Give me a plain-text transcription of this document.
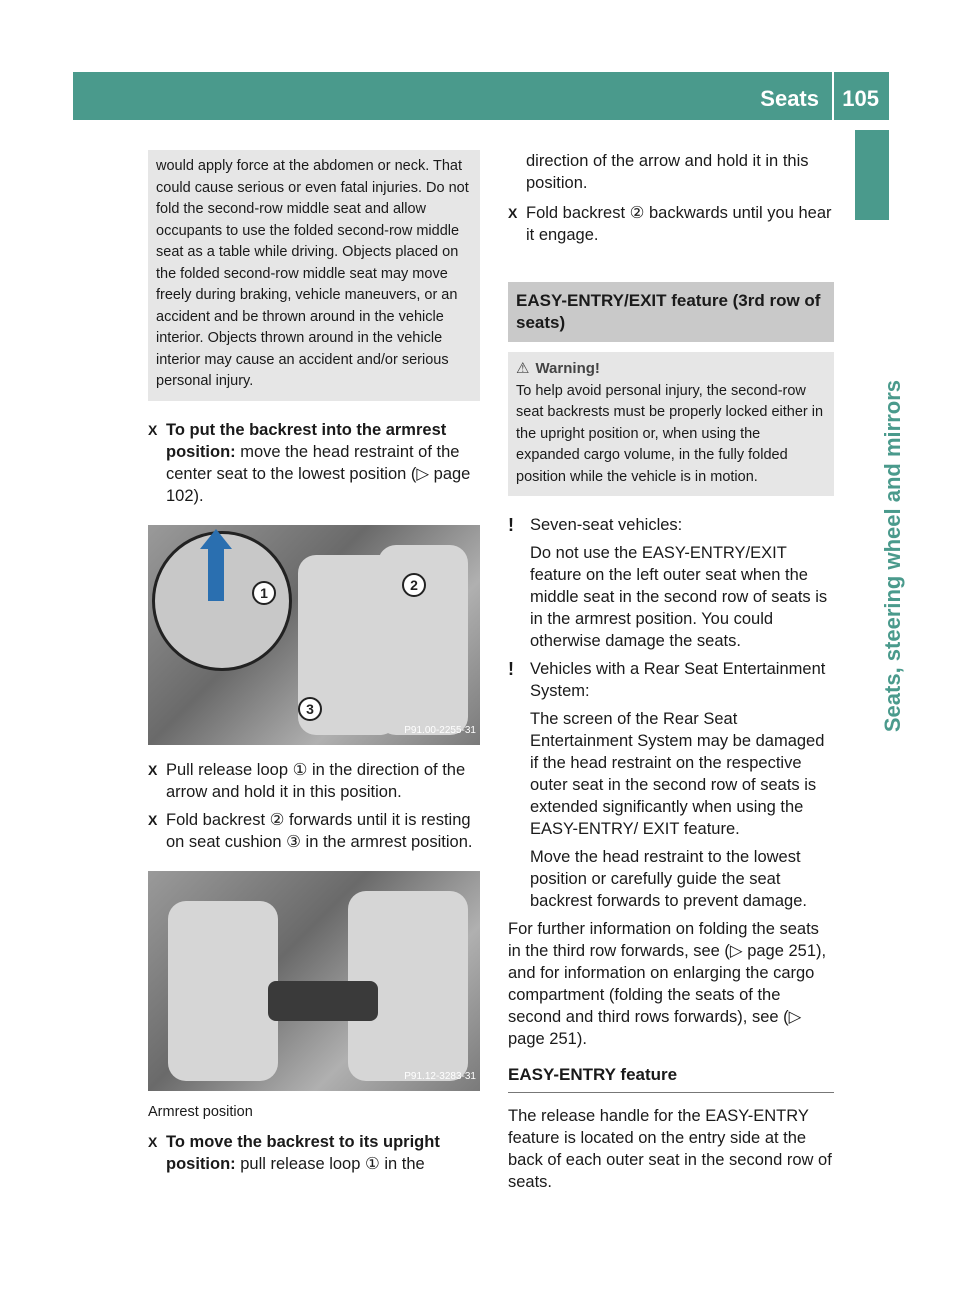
Seats 105
Seats, steering wheel and mirrors
would apply force at the abdomen or neck. That could cause serious or even fatal injuries. Do not fold the second-row middle seat and allow occupants to use the folded second-row middle seat as a table while driving. Objects placed on the folded second-row middle seat may move freely during braking, vehicle maneuvers, or an accident and be thrown around in the vehicle interior. Objects thrown around in the vehicle interior may cause an accident and/or serious personal injury.
X To put the backrest into the armrest position: move the head restraint of the center seat to the lowest position (▷ page 102).
1	2
3
P91.00-2255-31
X Pull release loop ① in the direction of the arrow and hold it in this position.
X Fold backrest ② forwards until it is resting on seat cushion ③ in the armrest position.
P91.12-3283-31
Armrest position
X To move the backrest to its upright position: pull release loop ① in the
direction of the arrow and hold it in this position.
X Fold backrest ② backwards until you hear it engage.
EASY-ENTRY/EXIT feature (3rd row of seats)
⚠ Warning!
To help avoid personal injury, the second-row seat backrests must be properly locked either in the upright position or, when using the expanded cargo volume, in the fully folded position while the vehicle is in motion.
! Seven-seat vehicles:

Do not use the EASY-ENTRY/EXIT feature on the left outer seat when the middle seat in the second row of seats is in the armrest position. You could otherwise damage the seats.

! Vehicles with a Rear Seat Entertainment System:

The screen of the Rear Seat Entertainment System may be damaged if the head restraint on the respective outer seat in the second row of seats is extended significantly when using the EASY-ENTRY/ EXIT feature.

Move the head restraint to the lowest position or carefully guide the seat backrest forwards to prevent damage.

For further information on folding the seats in the third row forwards, see (▷ page 251), and for information on enlarging the cargo compartment (folding the seats of the second and third rows forwards), see (▷ page 251).
EASY-ENTRY feature
The release handle for the EASY-ENTRY feature is located on the entry side at the back of each outer seat in the second row of seats.
